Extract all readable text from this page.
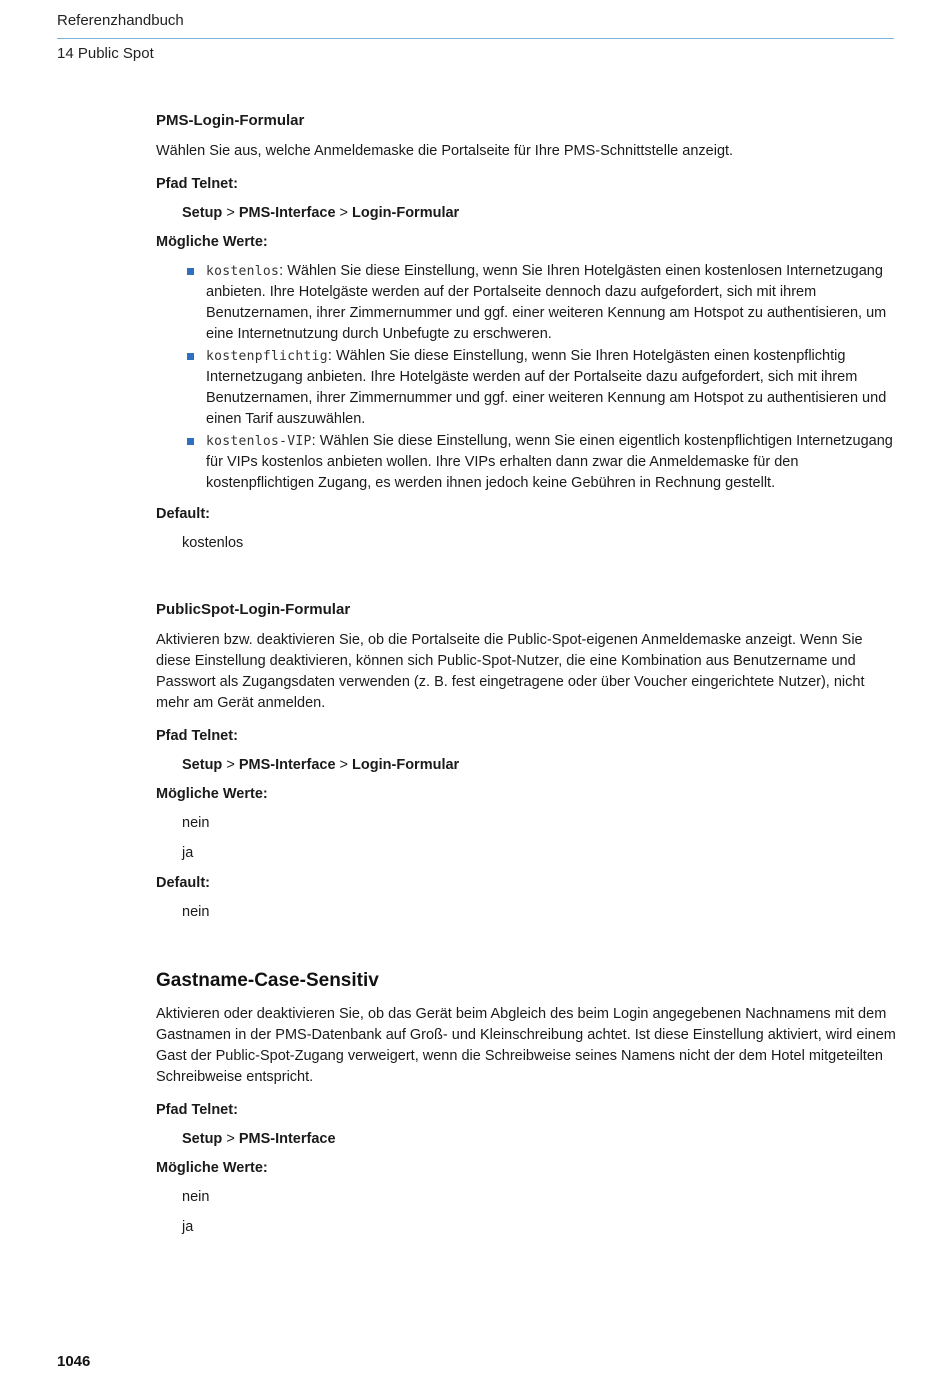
Referenzhandbuch
14 Public Spot
PMS-Login-Formular

Wählen Sie aus, welche Anmeldemaske die Portalseite für Ihre PMS-Schnittstelle anzeigt.

Pfad Telnet:
Setup > PMS-Interface > Login-Formular
Mögliche Werte:
kostenlos: Wählen Sie diese Einstellung, wenn Sie Ihren Hotelgästen einen kostenlosen Internetzugang anbieten. Ihre Hotelgäste werden auf der Portalseite dennoch dazu aufgefordert, sich mit ihrem Benutzernamen, ihrer Zimmernummer und ggf. einer weiteren Kennung am Hotspot zu authentisieren, um eine Internetnutzung durch Unbefugte zu erschweren.
kostenpflichtig: Wählen Sie diese Einstellung, wenn Sie Ihren Hotelgästen einen kostenpflichtig Internetzugang anbieten. Ihre Hotelgäste werden auf der Portalseite dazu aufgefordert, sich mit ihrem Benutzernamen, ihrer Zimmernummer und ggf. einer weiteren Kennung am Hotspot zu authentisieren und einen Tarif auszuwählen.
kostenlos-VIP: Wählen Sie diese Einstellung, wenn Sie einen eigentlich kostenpflichtigen Internetzugang für VIPs kostenlos anbieten wollen. Ihre VIPs erhalten dann zwar die Anmeldemaske für den kostenpflichtigen Zugang, es werden ihnen jedoch keine Gebühren in Rechnung gestellt.
Default:
kostenlos
PublicSpot-Login-Formular

Aktivieren bzw. deaktivieren Sie, ob die Portalseite die Public-Spot-eigenen Anmeldemaske anzeigt. Wenn Sie diese Einstellung deaktivieren, können sich Public-Spot-Nutzer, die eine Kombination aus Benutzername und Passwort als Zugangsdaten verwenden (z. B. fest eingetragene oder über Voucher eingerichtete Nutzer), nicht mehr am Gerät anmelden.

Pfad Telnet:
Setup > PMS-Interface > Login-Formular
Mögliche Werte:
nein
ja
Default:
nein
Gastname-Case-Sensitiv

Aktivieren oder deaktivieren Sie, ob das Gerät beim Abgleich des beim Login angegebenen Nachnamens mit dem Gastnamen in der PMS-Datenbank auf Groß- und Kleinschreibung achtet. Ist diese Einstellung aktiviert, wird einem Gast der Public-Spot-Zugang verweigert, wenn die Schreibweise seines Namens nicht der dem Hotel mitgeteilten Schreibweise entspricht.

Pfad Telnet:
Setup > PMS-Interface
Mögliche Werte:
nein
ja
1046
